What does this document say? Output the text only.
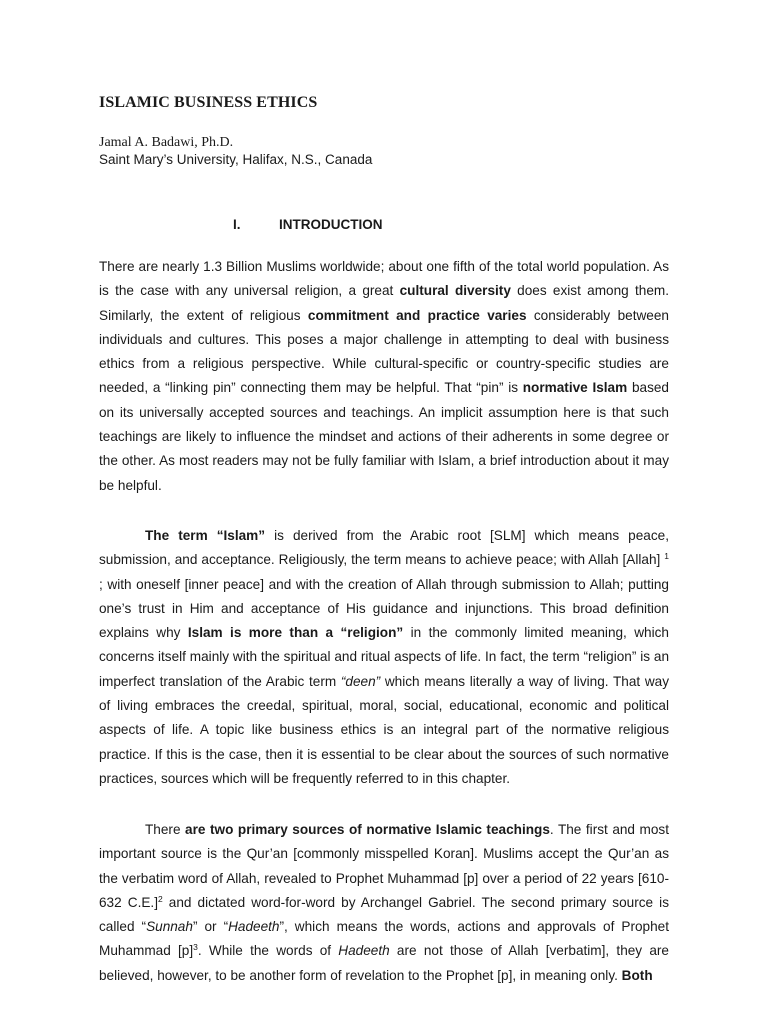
ISLAMIC BUSINESS ETHICS
Jamal A. Badawi, Ph.D.
Saint Mary’s University, Halifax, N.S., Canada
I.	INTRODUCTION

There are nearly 1.3 Billion Muslims worldwide; about one fifth of the total world population. As is the case with any universal religion, a great cultural diversity does exist among them. Similarly, the extent of religious commitment and practice varies considerably between individuals and cultures. This poses a major challenge in attempting to deal with business ethics from a religious perspective. While cultural-specific or country-specific studies are needed, a “linking pin” connecting them may be helpful. That “pin” is normative Islam based on its universally accepted sources and teachings. An implicit assumption here is that such teachings are likely to influence the mindset and actions of their adherents in some degree or the other. As most readers may not be fully familiar with Islam, a brief introduction about it may be helpful.

The term “Islam” is derived from the Arabic root [SLM] which means peace, submission, and acceptance. Religiously, the term means to achieve peace; with Allah [Allah] $^1$ ; with oneself [inner peace] and with the creation of Allah through submission to Allah; putting one’s trust in Him and acceptance of His guidance and injunctions. This broad definition explains why Islam is more than a “religion” in the commonly limited meaning, which concerns itself mainly with the spiritual and ritual aspects of life. In fact, the term “religion” is an imperfect translation of the Arabic term “deen” which means literally a way of living. That way of living embraces the creedal, spiritual, moral, social, educational, economic and political aspects of life. A topic like business ethics is an integral part of the normative religious practice. If this is the case, then it is essential to be clear about the sources of such normative practices, sources which will be frequently referred to in this chapter.

There are two primary sources of normative Islamic teachings. The first and most important source is the Qur’an [commonly misspelled Koran]. Muslims accept the Qur’an as the verbatim word of Allah, revealed to Prophet Muhammad [p] over a period of 22 years [610-632 C.E.]$^2$ and dictated word-for-word by Archangel Gabriel. The second primary source is called “Sunnah” or “Hadeeth”, which means the words, actions and approvals of Prophet Muhammad $[p]^3$. While the words of Hadeeth are not those of Allah [verbatim], they are believed, however, to be another form of revelation to the Prophet [p], in meaning only. Both
